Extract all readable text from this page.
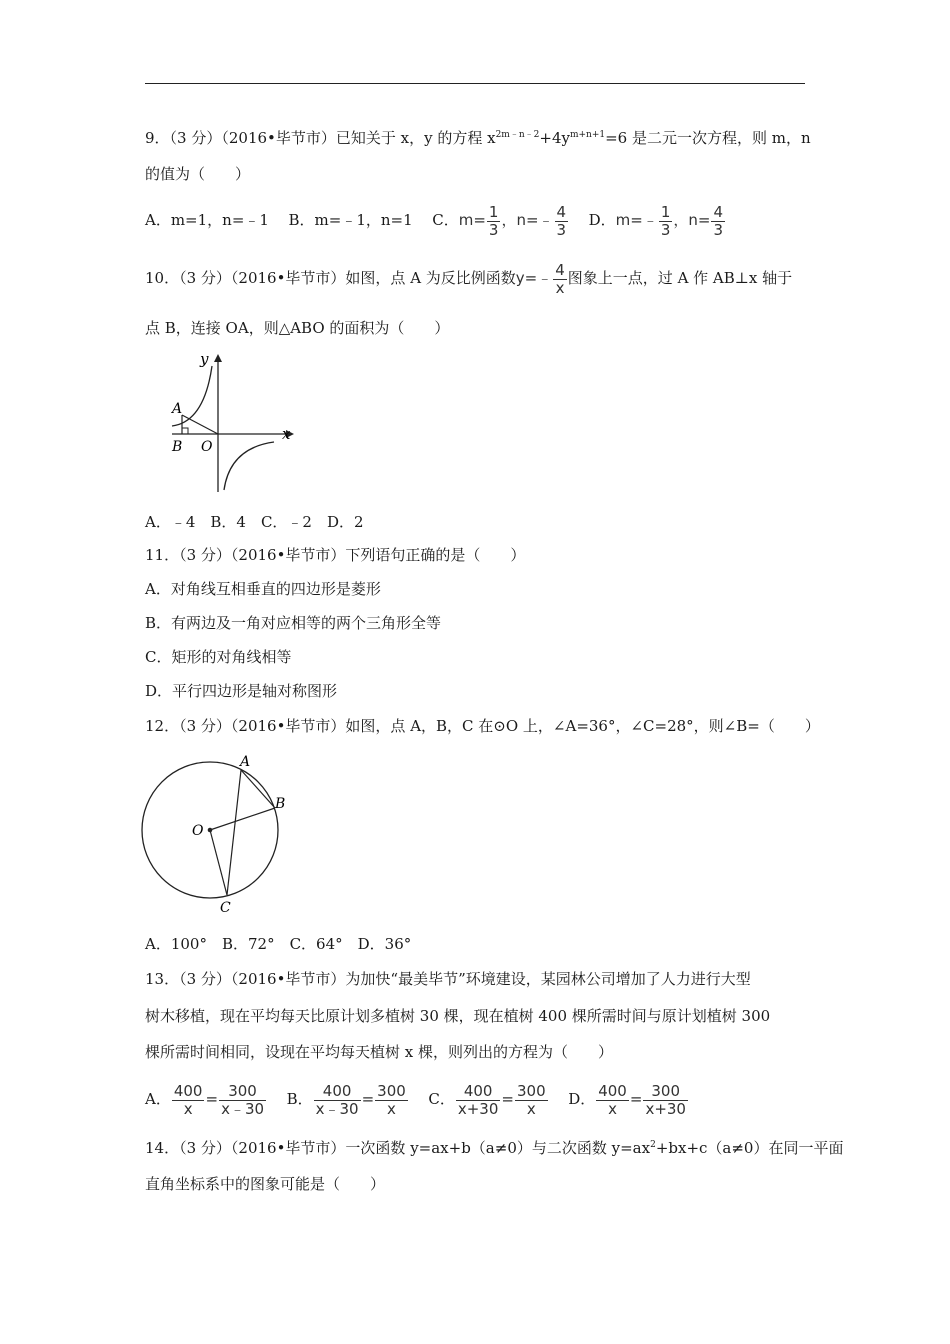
9．（3 分）（2016•毕节市）已知关于 x，y 的方程 $x^{2m﹣n﹣2}+4y^{m+n+1}=6$ 是二元一次方程，则 m，n
的值为（　　）
A．m=1，n=﹣1 B．m=﹣1，n=1 C．$m= \frac{1}{3}$ ，n=﹣ $\frac{4}{3}$ D．m=﹣ $\frac{1}{3}$ ，$n= \frac{4}{3}$
10．（3 分）（2016•毕节市）如图，点 A 为反比例函数y=﹣ $\frac{4}{x}$ 图象上一点，过 A 作 AB⊥x 轴于
点 B，连接 OA，则△ABO 的面积为（　　）
y
x
A
B O
A．﹣4　B．4　C．﹣2　D．2
11．（3 分）（2016•毕节市）下列语句正确的是（　　）
A．对角线互相垂直的四边形是菱形
B．有两边及一角对应相等的两个三角形全等
C．矩形的对角线相等
D．平行四边形是轴对称图形
12．（3 分）（2016•毕节市）如图，点 A，B，C 在⊙O 上，∠A=36°，∠C=28°，则∠B=（　　）
A
B
C
O
A．100°　B．72°　C．64°　D．36°
13．（3 分）（2016•毕节市）为加快“最美毕节”环境建设，某园林公司增加了人力进行大型
树木移植，现在平均每天比原计划多植树 30 棵，现在植树 400 棵所需时间与原计划植树 300
棵所需时间相同，设现在平均每天植树 x 棵，则列出的方程为（　　）
A． $\frac{400}{x} = \frac{300}{x﹣30}$ B． $\frac{400}{x﹣30} = \frac{300}{x}$ C． $\frac{400}{x+30} = \frac{300}{x}$ D． $\frac{400}{x} = \frac{300}{x+30}$
14．（3 分）（2016•毕节市）一次函数 y=ax+b（a≠0）与二次函数 $y=ax^2+bx+c(a\ne 0)$在同一平面
直角坐标系中的图象可能是（　　）
